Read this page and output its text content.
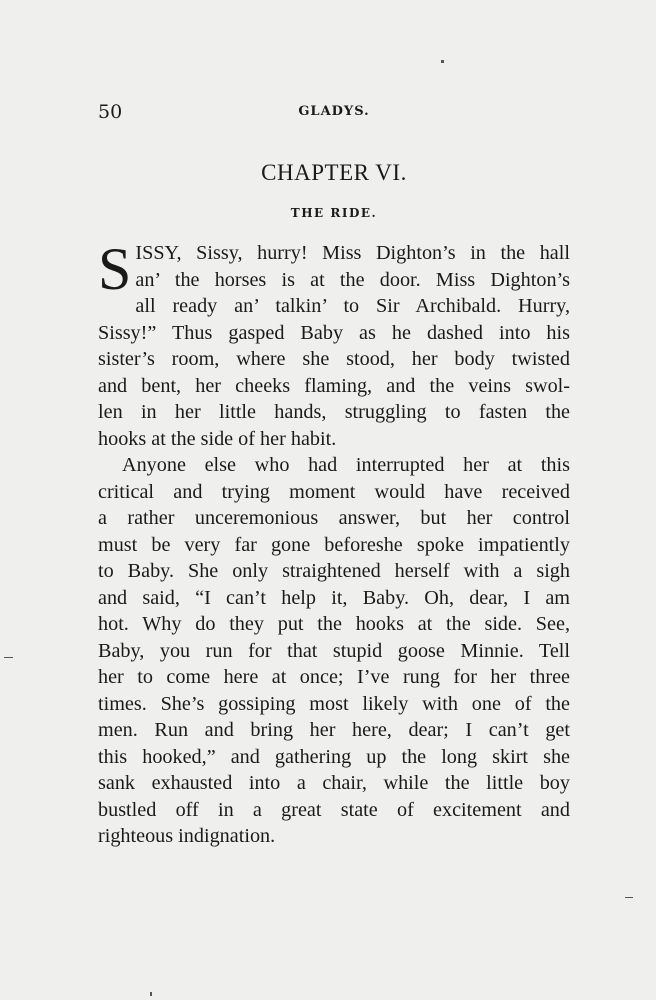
50	GLADYS.
CHAPTER VI.
THE RIDE.
S ISSY, Sissy, hurry! Miss Dighton’s in the hall
an’ the horses is at the door. Miss Dighton’s
all ready an’ talkin’ to Sir Archibald. Hurry,
Sissy!” Thus gasped Baby as he dashed into his
sister’s room, where she stood, her body twisted
and bent, her cheeks flaming, and the veins swol-
len in her little hands, struggling to fasten the
hooks at the side of her habit.
Anyone else who had interrupted her at this
critical and trying moment would have received
a rather unceremonious answer, but her control
must be very far gone beforeshe spoke impatiently
to Baby. She only straightened herself with a sigh
and said, “I can’t help it, Baby. Oh, dear, I am
hot. Why do they put the hooks at the side. See,
Baby, you run for that stupid goose Minnie. Tell
her to come here at once; I’ve rung for her three
times. She’s gossiping most likely with one of the
men. Run and bring her here, dear; I can’t get
this hooked,” and gathering up the long skirt she
sank exhausted into a chair, while the little boy
bustled off in a great state of excitement and
righteous indignation.
